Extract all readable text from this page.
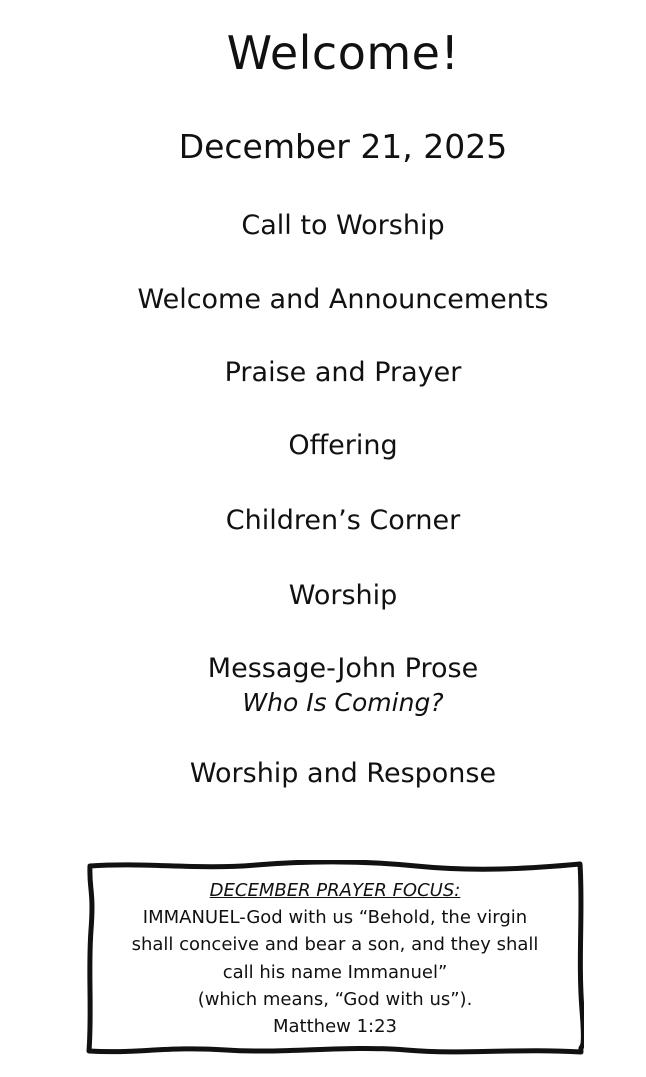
Welcome!
December 21, 2025
Call to Worship
Welcome and Announcements
Praise and Prayer
Offering
Children’s Corner
Worship
Message-John Prose
Who Is Coming?
Worship and Response
DECEMBER PRAYER FOCUS:
IMMANUEL-God with us “Behold, the virgin
shall conceive and bear a son, and they shall
call his name Immanuel”
(which means, “God with us”).
Matthew 1:23
